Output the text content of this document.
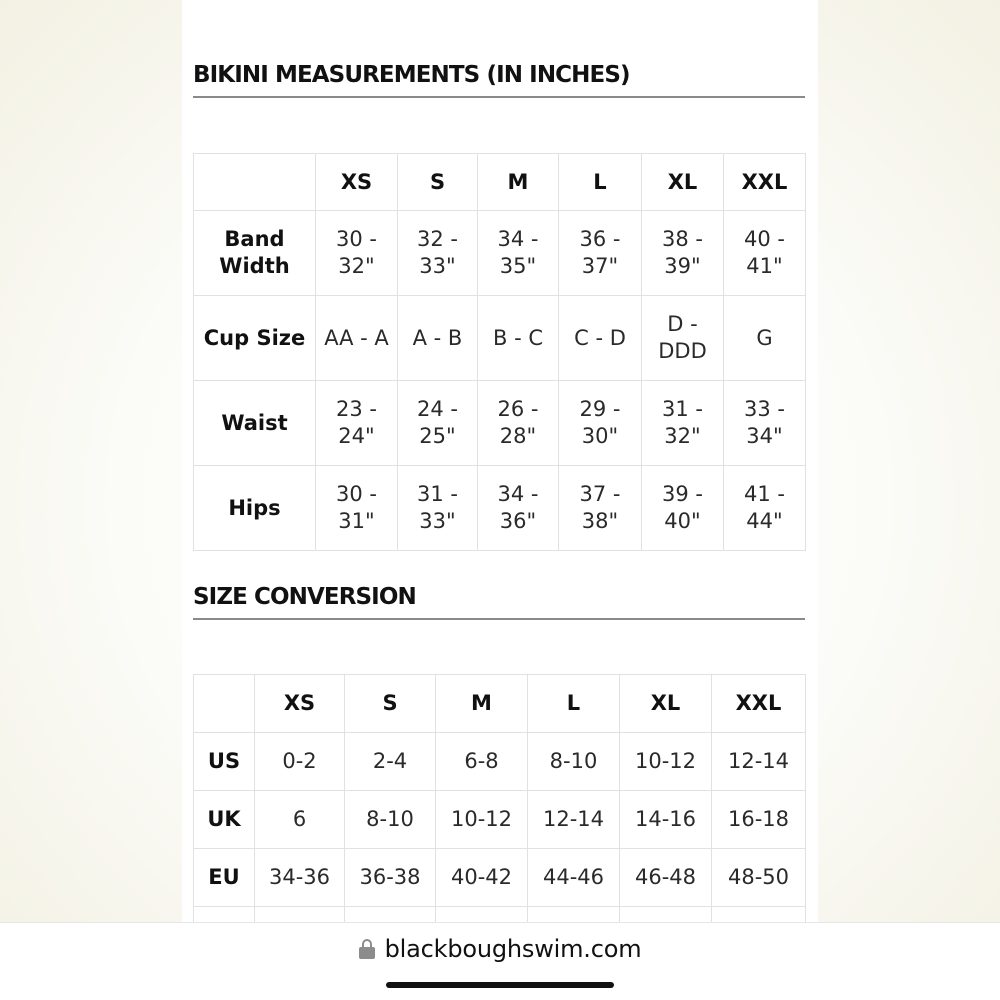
BIKINI MEASUREMENTS (IN INCHES)
	XS	S	M	L	XL	XXL
Band Width	30 - 32"	32 - 33"	34 - 35"	36 - 37"	38 - 39"	40 - 41"
Cup Size	AA - A	A - B	B - C	C - D	D - DDD	G
Waist	23 - 24"	24 - 25"	26 - 28"	29 - 30"	31 - 32"	33 - 34"
Hips	30 - 31"	31 - 33"	34 - 36"	37 - 38"	39 - 40"	41 - 44"
SIZE CONVERSION
	XS	S	M	L	XL	XXL
US	0-2	2-4	6-8	8-10	10-12	12-14
UK	6	8-10	10-12	12-14	14-16	16-18
EU	34-36	36-38	40-42	44-46	46-48	48-50

blackboughswim.com
